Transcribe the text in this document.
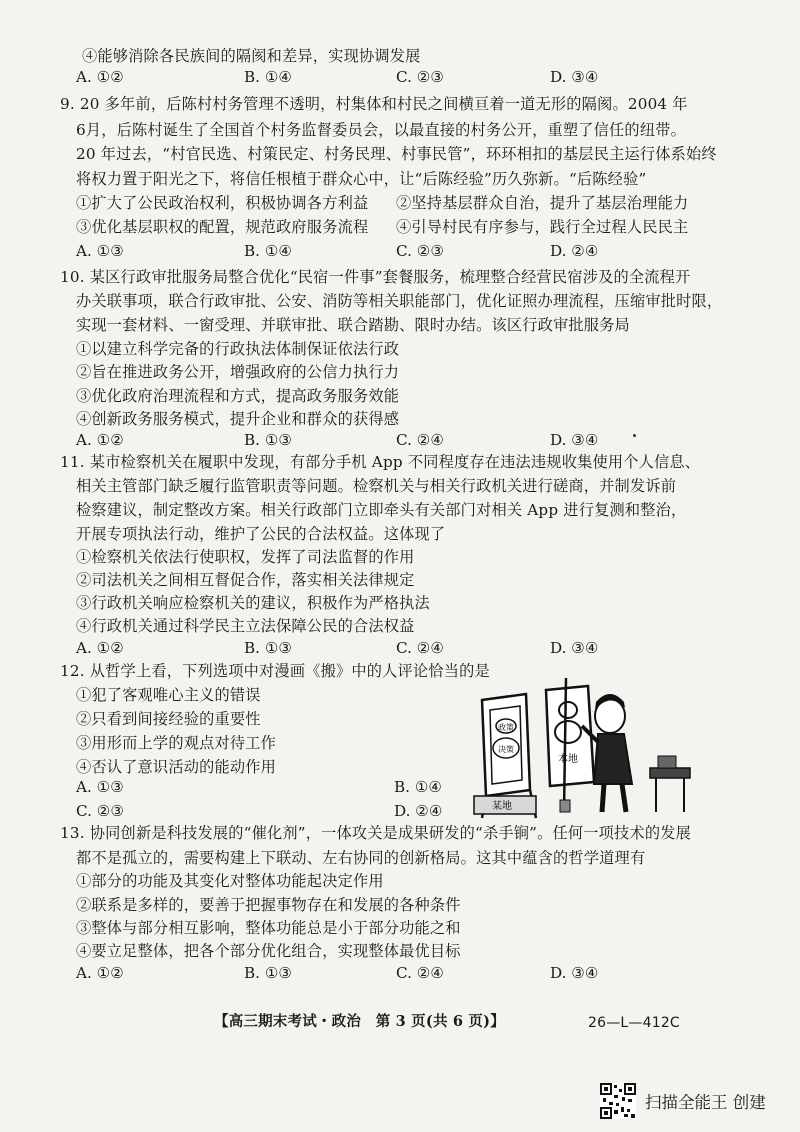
④能够消除各民族间的隔阂和差异，实现协调发展
A. ①②	B. ①④	C. ②③	D. ③④
9. 20 多年前，后陈村村务管理不透明，村集体和村民之间横亘着一道无形的隔阂。2004 年
6月，后陈村诞生了全国首个村务监督委员会，以最直接的村务公开，重塑了信任的纽带。
20 年过去，“村官民选、村策民定、村务民理、村事民管”，环环相扣的基层民主运行体系始终
将权力置于阳光之下，将信任根植于群众心中，让“后陈经验”历久弥新。“后陈经验”
①扩大了公民政治权利，积极协调各方利益 ②坚持基层群众自治，提升了基层治理能力
③优化基层职权的配置，规范政府服务流程 ④引导村民有序参与，践行全过程人民民主
A. ①③	B. ①④	C. ②③	D. ②④
10. 某区行政审批服务局整合优化“民宿一件事”套餐服务，梳理整合经营民宿涉及的全流程开
办关联事项，联合行政审批、公安、消防等相关职能部门，优化证照办理流程，压缩审批时限，
实现一套材料、一窗受理、并联审批、联合踏勘、限时办结。该区行政审批服务局
①以建立科学完备的行政执法体制保证依法行政
②旨在推进政务公开，增强政府的公信力执行力
③优化政府治理流程和方式，提高政务服务效能
④创新政务服务模式，提升企业和群众的获得感
A. ①②	B. ①③	C. ②④	D. ③④
11. 某市检察机关在履职中发现，有部分手机 App 不同程度存在违法违规收集使用个人信息、
相关主管部门缺乏履行监管职责等问题。检察机关与相关行政机关进行磋商，并制发诉前
检察建议，制定整改方案。相关行政部门立即牵头有关部门对相关 App 进行复测和整治，
开展专项执法行动，维护了公民的合法权益。这体现了
①检察机关依法行使职权，发挥了司法监督的作用
②司法机关之间相互督促合作，落实相关法律规定
③行政机关响应检察机关的建议，积极作为严格执法
④行政机关通过科学民主立法保障公民的合法权益
A. ①②	B. ①③	C. ②④	D. ③④
12. 从哲学上看，下列选项中对漫画《搬》中的人评论恰当的是
①犯了客观唯心主义的错误
②只看到间接经验的重要性
③用形而上学的观点对待工作
④否认了意识活动的能动作用
A. ①③	B. ①④
C. ②③	D. ②④
政策
决策
某地
本地
13. 协同创新是科技发展的“催化剂”，一体攻关是成果研发的“杀手锏”。任何一项技术的发展
都不是孤立的，需要构建上下联动、左右协同的创新格局。这其中蕴含的哲学道理有
①部分的功能及其变化对整体功能起决定作用
②联系是多样的，要善于把握事物存在和发展的各种条件
③整体与部分相互影响，整体功能总是小于部分功能之和
④要立足整体，把各个部分优化组合，实现整体最优目标
A. ①②	B. ①③	C. ②④	D. ③④
【高三期末考试・政治　第 3 页(共 6 页)】	26—L—412C
扫描全能王 创建
